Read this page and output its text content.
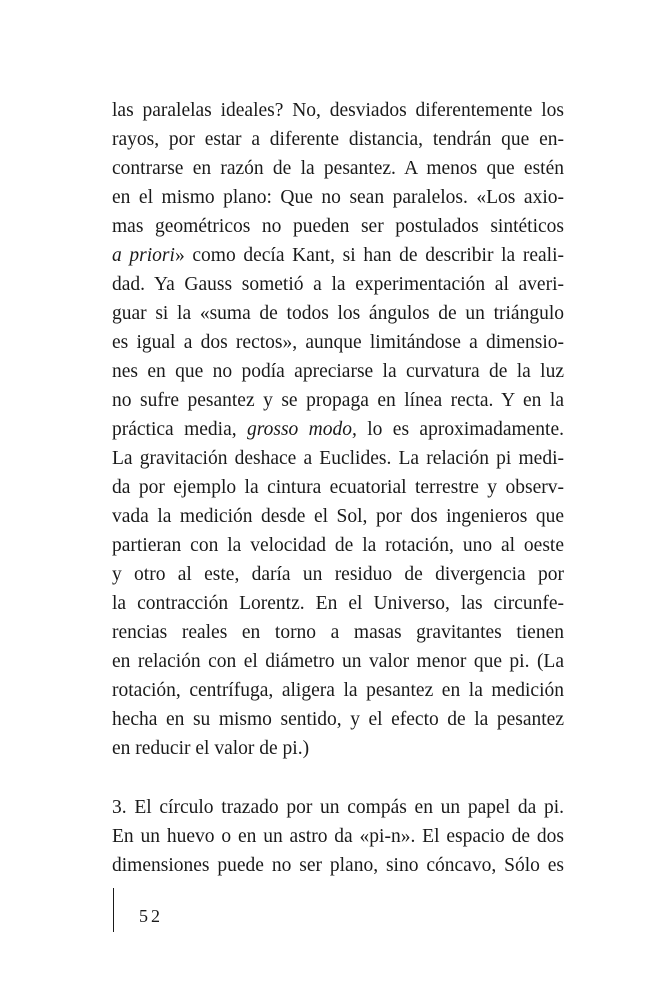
las paralelas ideales? No, desviados diferentemente los
rayos, por estar a diferente distancia, tendrán que en-
contrarse en razón de la pesantez. A menos que estén
en el mismo plano: Que no sean paralelos. «Los axio-
mas geométricos no pueden ser postulados sintéticos
a priori» como decía Kant, si han de describir la reali-
dad. Ya Gauss sometió a la experimentación al averi-
guar si la «suma de todos los ángulos de un triángulo
es igual a dos rectos», aunque limitándose a dimensio-
nes en que no podía apreciarse la curvatura de la luz
no sufre pesantez y se propaga en línea recta. Y en la
práctica media, grosso modo, lo es aproximadamente.
La gravitación deshace a Euclides. La relación pi medi-
da por ejemplo la cintura ecuatorial terrestre y observ-
vada la medición desde el Sol, por dos ingenieros que
partieran con la velocidad de la rotación, uno al oeste
y otro al este, daría un residuo de divergencia por
la contracción Lorentz. En el Universo, las circunfe-
rencias reales en torno a masas gravitantes tienen
en relación con el diámetro un valor menor que pi. (La
rotación, centrífuga, aligera la pesantez en la medición
hecha en su mismo sentido, y el efecto de la pesantez
en reducir el valor de pi.)
3. El círculo trazado por un compás en un papel da pi.
En un huevo o en un astro da «pi-n». El espacio de dos
dimensiones puede no ser plano, sino cóncavo, Sólo es
52
